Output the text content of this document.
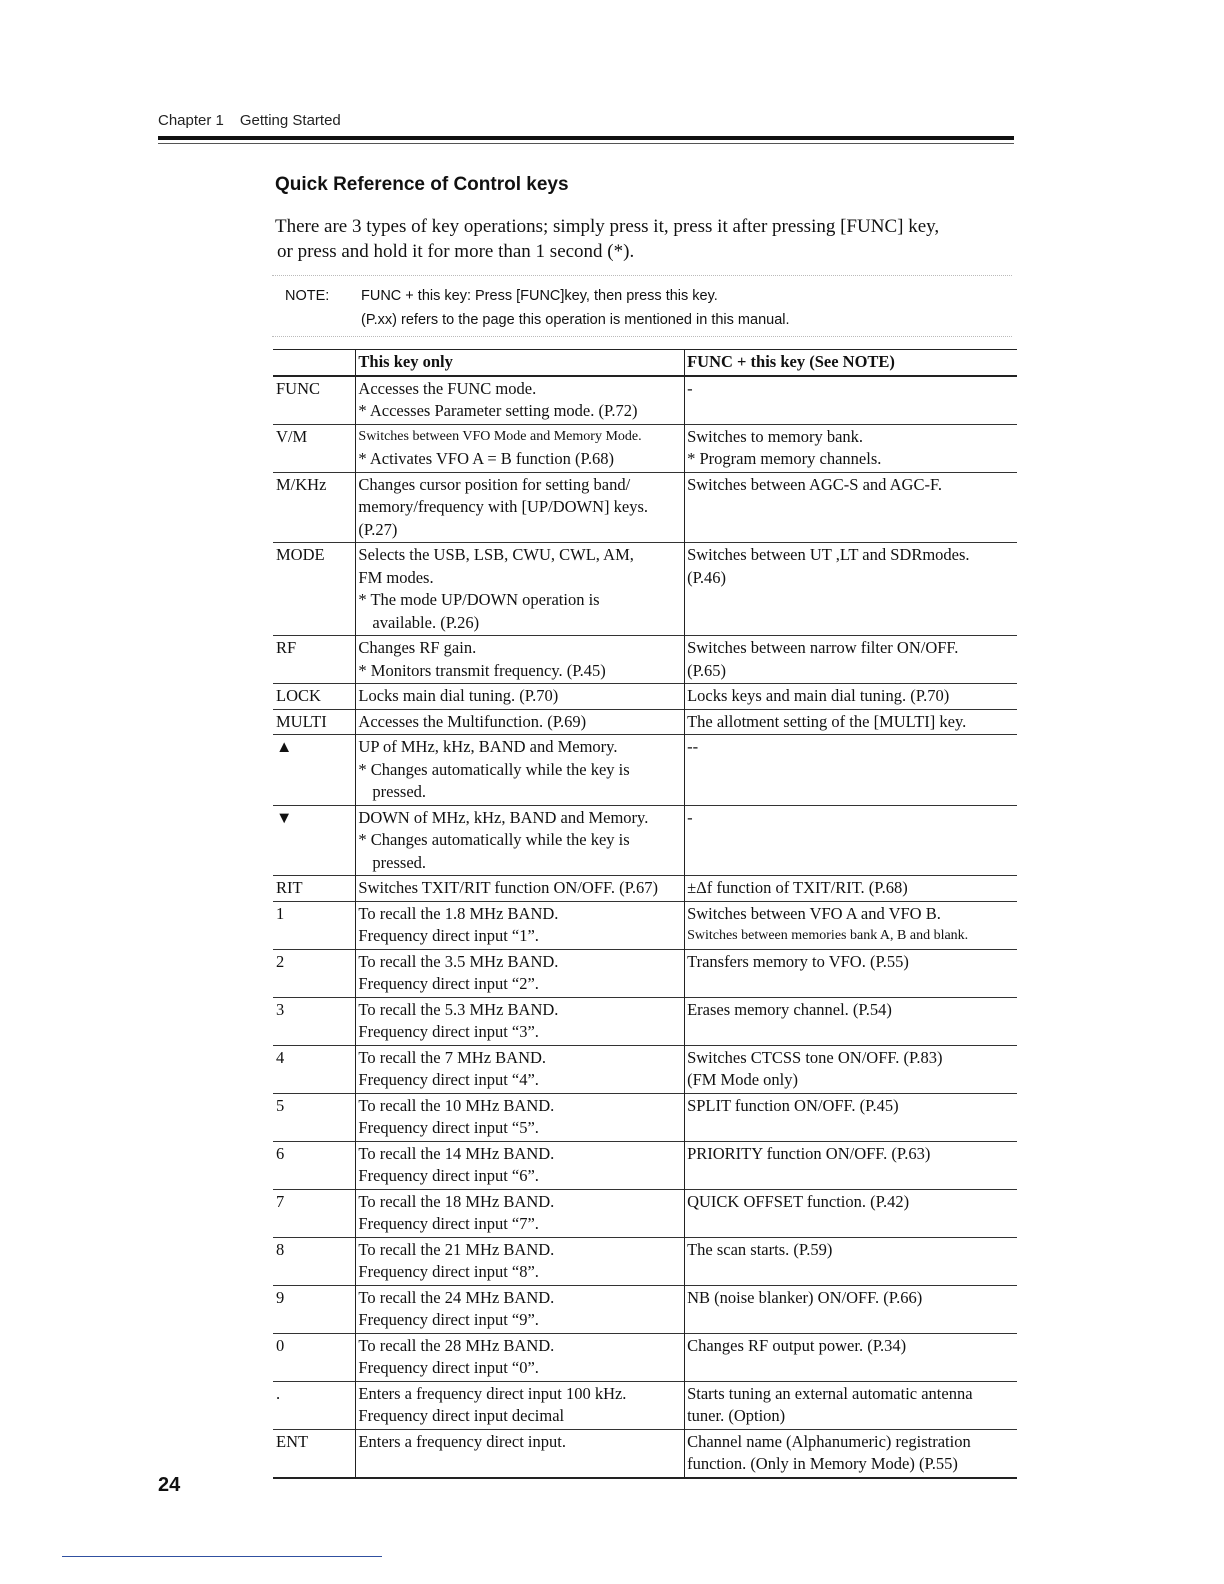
Chapter 1 Getting Started
Quick Reference of Control keys

There are 3 types of key operations; simply press it, press it after pressing [FUNC] key,

or press and hold it for more than 1 second (*).

NOTE:	FUNC + this key: Press [FUNC]key, then press this key.
(P.xx) refers to the page this operation is mentioned in this manual.
	This key only	FUNC + this key (See NOTE)
FUNC	Accesses the FUNC mode.
* Accesses Parameter setting mode. (P.72)	-

V/M	Switches between VFO Mode and Memory Mode.
* Activates VFO A = B function (P.68)	Switches to memory bank.
* Program memory channels.

M/KHz	Changes cursor position for setting band/
memory/frequency with [UP/DOWN] keys.
(P.27)	Switches between AGC-S and AGC-F.

MODE	Selects the USB, LSB, CWU, CWL, AM,
FM modes.
* The mode UP/DOWN operation is
available. (P.26)	Switches between UT ,LT and SDRmodes.
(P.46)

RF	Changes RF gain.
* Monitors transmit frequency. (P.45)	Switches between narrow filter ON/OFF.
(P.65)

LOCK	Locks main dial tuning. (P.70)	Locks keys and main dial tuning. (P.70)

MULTI	Accesses the Multifunction. (P.69)	The allotment setting of the [MULTI] key.

▲	UP of MHz, kHz, BAND and Memory.
* Changes automatically while the key is
pressed.	--

▼	DOWN of MHz, kHz, BAND and Memory.
* Changes automatically while the key is
pressed.	-

RIT	Switches TXIT/RIT function ON/OFF. (P.67)	±Δf function of TXIT/RIT. (P.68)

1	To recall the 1.8 MHz BAND.
Frequency direct input “1”.	Switches between VFO A and VFO B.
Switches between memories bank A, B and blank.

2	To recall the 3.5 MHz BAND.
Frequency direct input “2”.	Transfers memory to VFO. (P.55)

3	To recall the 5.3 MHz BAND.
Frequency direct input “3”.	Erases memory channel. (P.54)

4	To recall the 7 MHz BAND.
Frequency direct input “4”.	Switches CTCSS tone ON/OFF. (P.83)
(FM Mode only)

5	To recall the 10 MHz BAND.
Frequency direct input “5”.	SPLIT function ON/OFF. (P.45)

6	To recall the 14 MHz BAND.
Frequency direct input “6”.	PRIORITY function ON/OFF. (P.63)

7	To recall the 18 MHz BAND.
Frequency direct input “7”.	QUICK OFFSET function. (P.42)

8	To recall the 21 MHz BAND.
Frequency direct input “8”.	The scan starts. (P.59)

9	To recall the 24 MHz BAND.
Frequency direct input “9”.	NB (noise blanker) ON/OFF. (P.66)

0	To recall the 28 MHz BAND.
Frequency direct input “0”.	Changes RF output power. (P.34)

.	Enters a frequency direct input 100 kHz.
Frequency direct input decimal	Starts tuning an external automatic antenna
tuner. (Option)

ENT	Enters a frequency direct input.	Channel name (Alphanumeric) registration
function. (Only in Memory Mode) (P.55)
24
